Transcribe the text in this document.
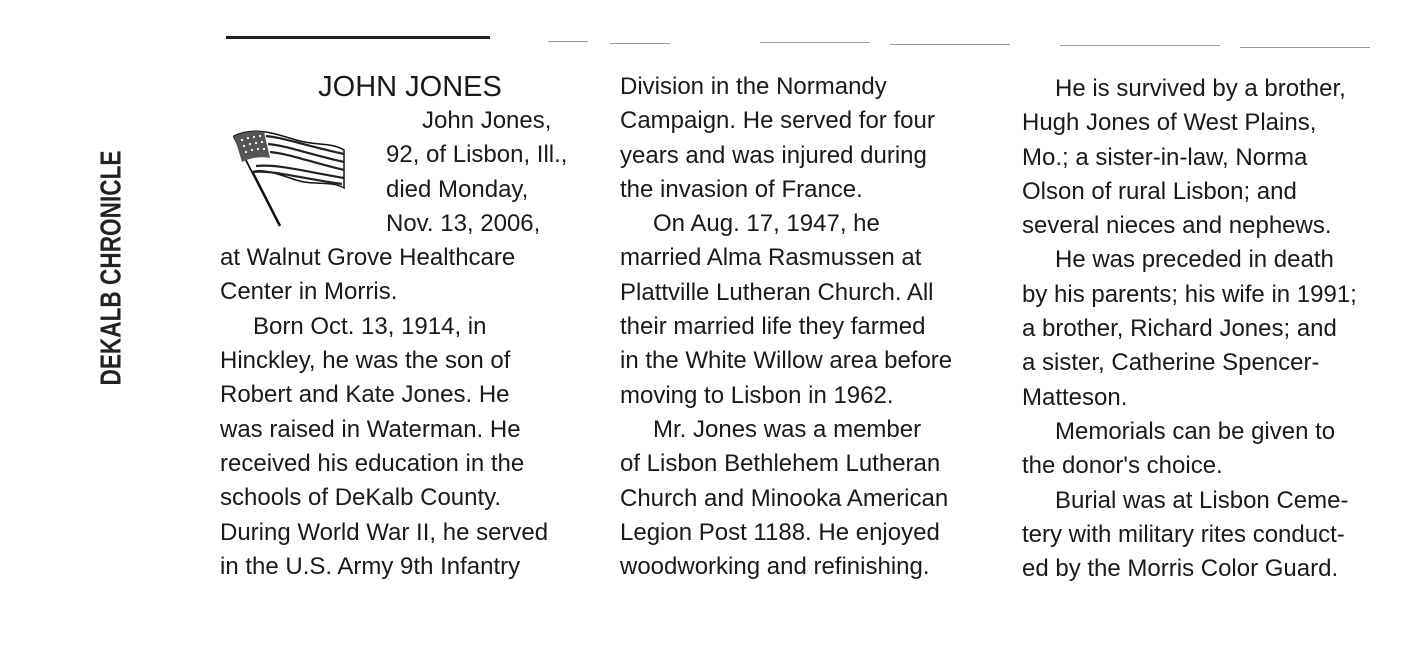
DEKALB CHRONICLE
JOHN JONES
John Jones,
92, of Lisbon, Ill.,
died Monday,
Nov. 13, 2006,
at Walnut Grove Healthcare
Center in Morris.
Born Oct. 13, 1914, in
Hinckley, he was the son of
Robert and Kate Jones. He
was raised in Waterman. He
received his education in the
schools of DeKalb County.
During World War II, he served
in the U.S. Army 9th Infantry
Division in the Normandy
Campaign. He served for four
years and was injured during
the invasion of France.
On Aug. 17, 1947, he
married Alma Rasmussen at
Plattville Lutheran Church. All
their married life they farmed
in the White Willow area before
moving to Lisbon in 1962.
Mr. Jones was a member
of Lisbon Bethlehem Lutheran
Church and Minooka American
Legion Post 1188. He enjoyed
woodworking and refinishing.
He is survived by a brother,
Hugh Jones of West Plains,
Mo.; a sister-in-law, Norma
Olson of rural Lisbon; and
several nieces and nephews.
He was preceded in death
by his parents; his wife in 1991;
a brother, Richard Jones; and
a sister, Catherine Spencer-
Matteson.
Memorials can be given to
the donor's choice.
Burial was at Lisbon Ceme-
tery with military rites conduct-
ed by the Morris Color Guard.
